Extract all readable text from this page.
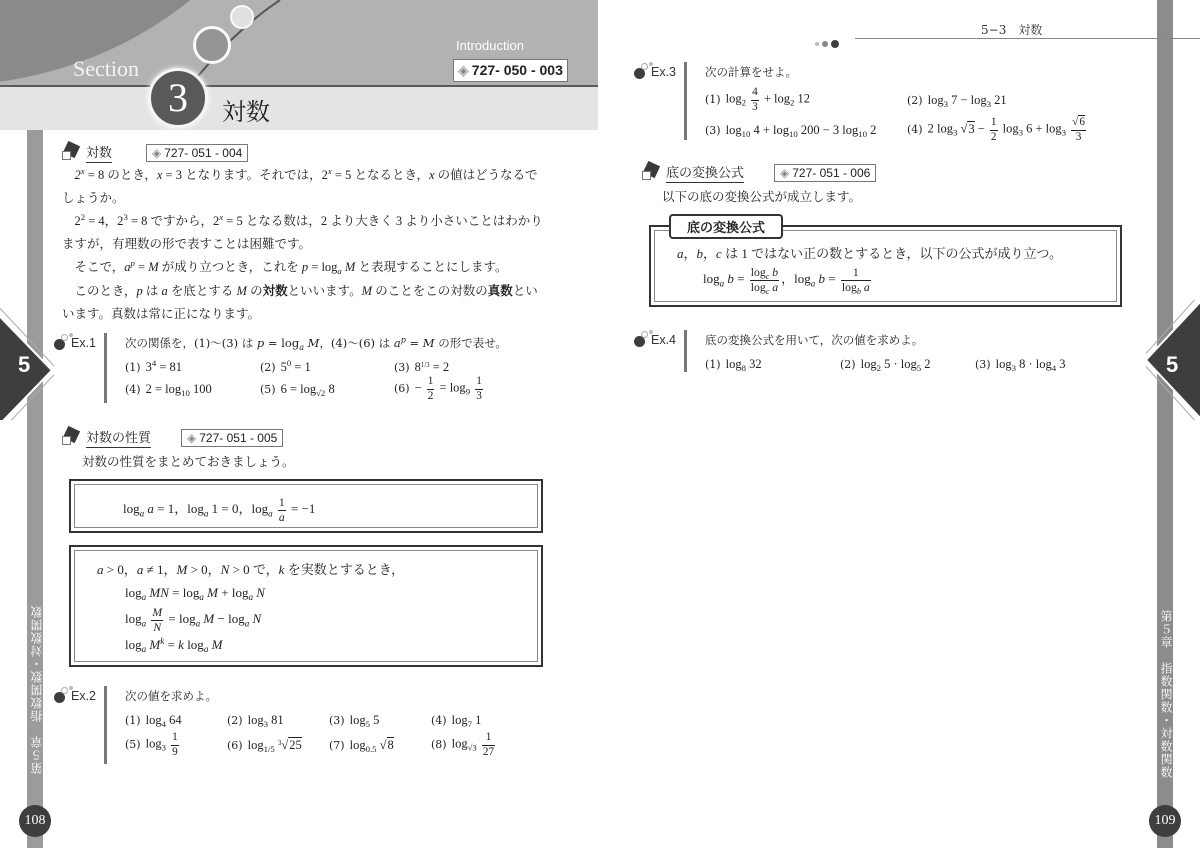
Section
3	対数
Introduction
◈ 727- 050 - 003
5
第５章　指数関数・対数関数
108
対数	◈ 727- 051 - 004

$2^x = 8$ のとき，x = 3 となります。それでは，$2^x = 5$ となるとき，x の値はどうなるでしょうか。

$2^2 = 4$，$2^3 = 8$ ですから，$2^x = 5$ となる数は，2 より大きく 3 より小さいことはわかりますが，有理数の形で表すことは困難です。

そこで，$a^p = M$ が成り立つとき，これを $p = \log_a M$ と表現することにします。

このとき，p は a を底とする M の対数といいます。M のことをこの対数の真数といいます。真数は常に正になります。

Ex.1	次の関係を，(1)〜(3) は $p = \log_a M$，(4)〜(6) は $a^p = M$ の形で表せ。
(1) $3^4 = 81$	(2) $5^0 = 1$	(3) $8^{1/3} = 2$
(4) $2 = \log_{10} 100$	(5) $6 = \log_{√2} 8$	$(6) - \frac{1}{2} = \log_9 \frac{1}{3}$
対数の性質	◈ 727- 051 - 005
対数の性質をまとめておきましょう。
$\log_a a = 1$，$\log_a 1 = 0$，$\log_a \frac{1}{a} = -1$
a > 0，a ≠ 1，M > 0，N > 0 で，k を実数とするとき，
$\log_a$ MN = $\log_a M + \log_a N$
$\log_a \frac{M}{N} = \log_a M - \log_a N$
$\log_a M^k = k$ $\log_a M$
Ex.2	次の値を求めよ。
(1) $\log_4 64$	(2) $\log_3 81$	(3) $\log_5 5$	(4) $\log_7 1$
(5) $\log_3 \frac{1}{9}$	(6) $\log_{1/5} ^3√25$	(7) $\log_{0.5} √8$	(8) $\log_{√3} \frac{1}{27}$
5−3　対数
5
第５章　指数関数・対数関数
109
Ex.3	次の計算をせよ。
(1) $\log_2 \frac{4}{3} + \log_2 12$	(2) $\log_3 7 - \log_3 21$
(3) $\log_{10} 4 + \log_{10} 200 - 3$ $\log_{10} 2$	(4) 2 $\log_3 √3 - \frac{1}{2} \log_3 6 + \log_3 \frac{√6}{3}$
底の変換公式	◈ 727- 051 - 006
以下の底の変換公式が成立します。
a，b，c は 1 ではない正の数とするとき，以下の公式が成り立つ。
$\log_a b = \frac{\log_c b}{\log_c a}$ ，$\log_a b = \frac{1}{\log_b a}$
底の変換公式
Ex.4	底の変換公式を用いて，次の値を求めよ。
(1) $\log_8 32$	(2) $\log_2 5 \cdot \log_5 2$	(3) $\log_3 8 \cdot \log_4 3$
